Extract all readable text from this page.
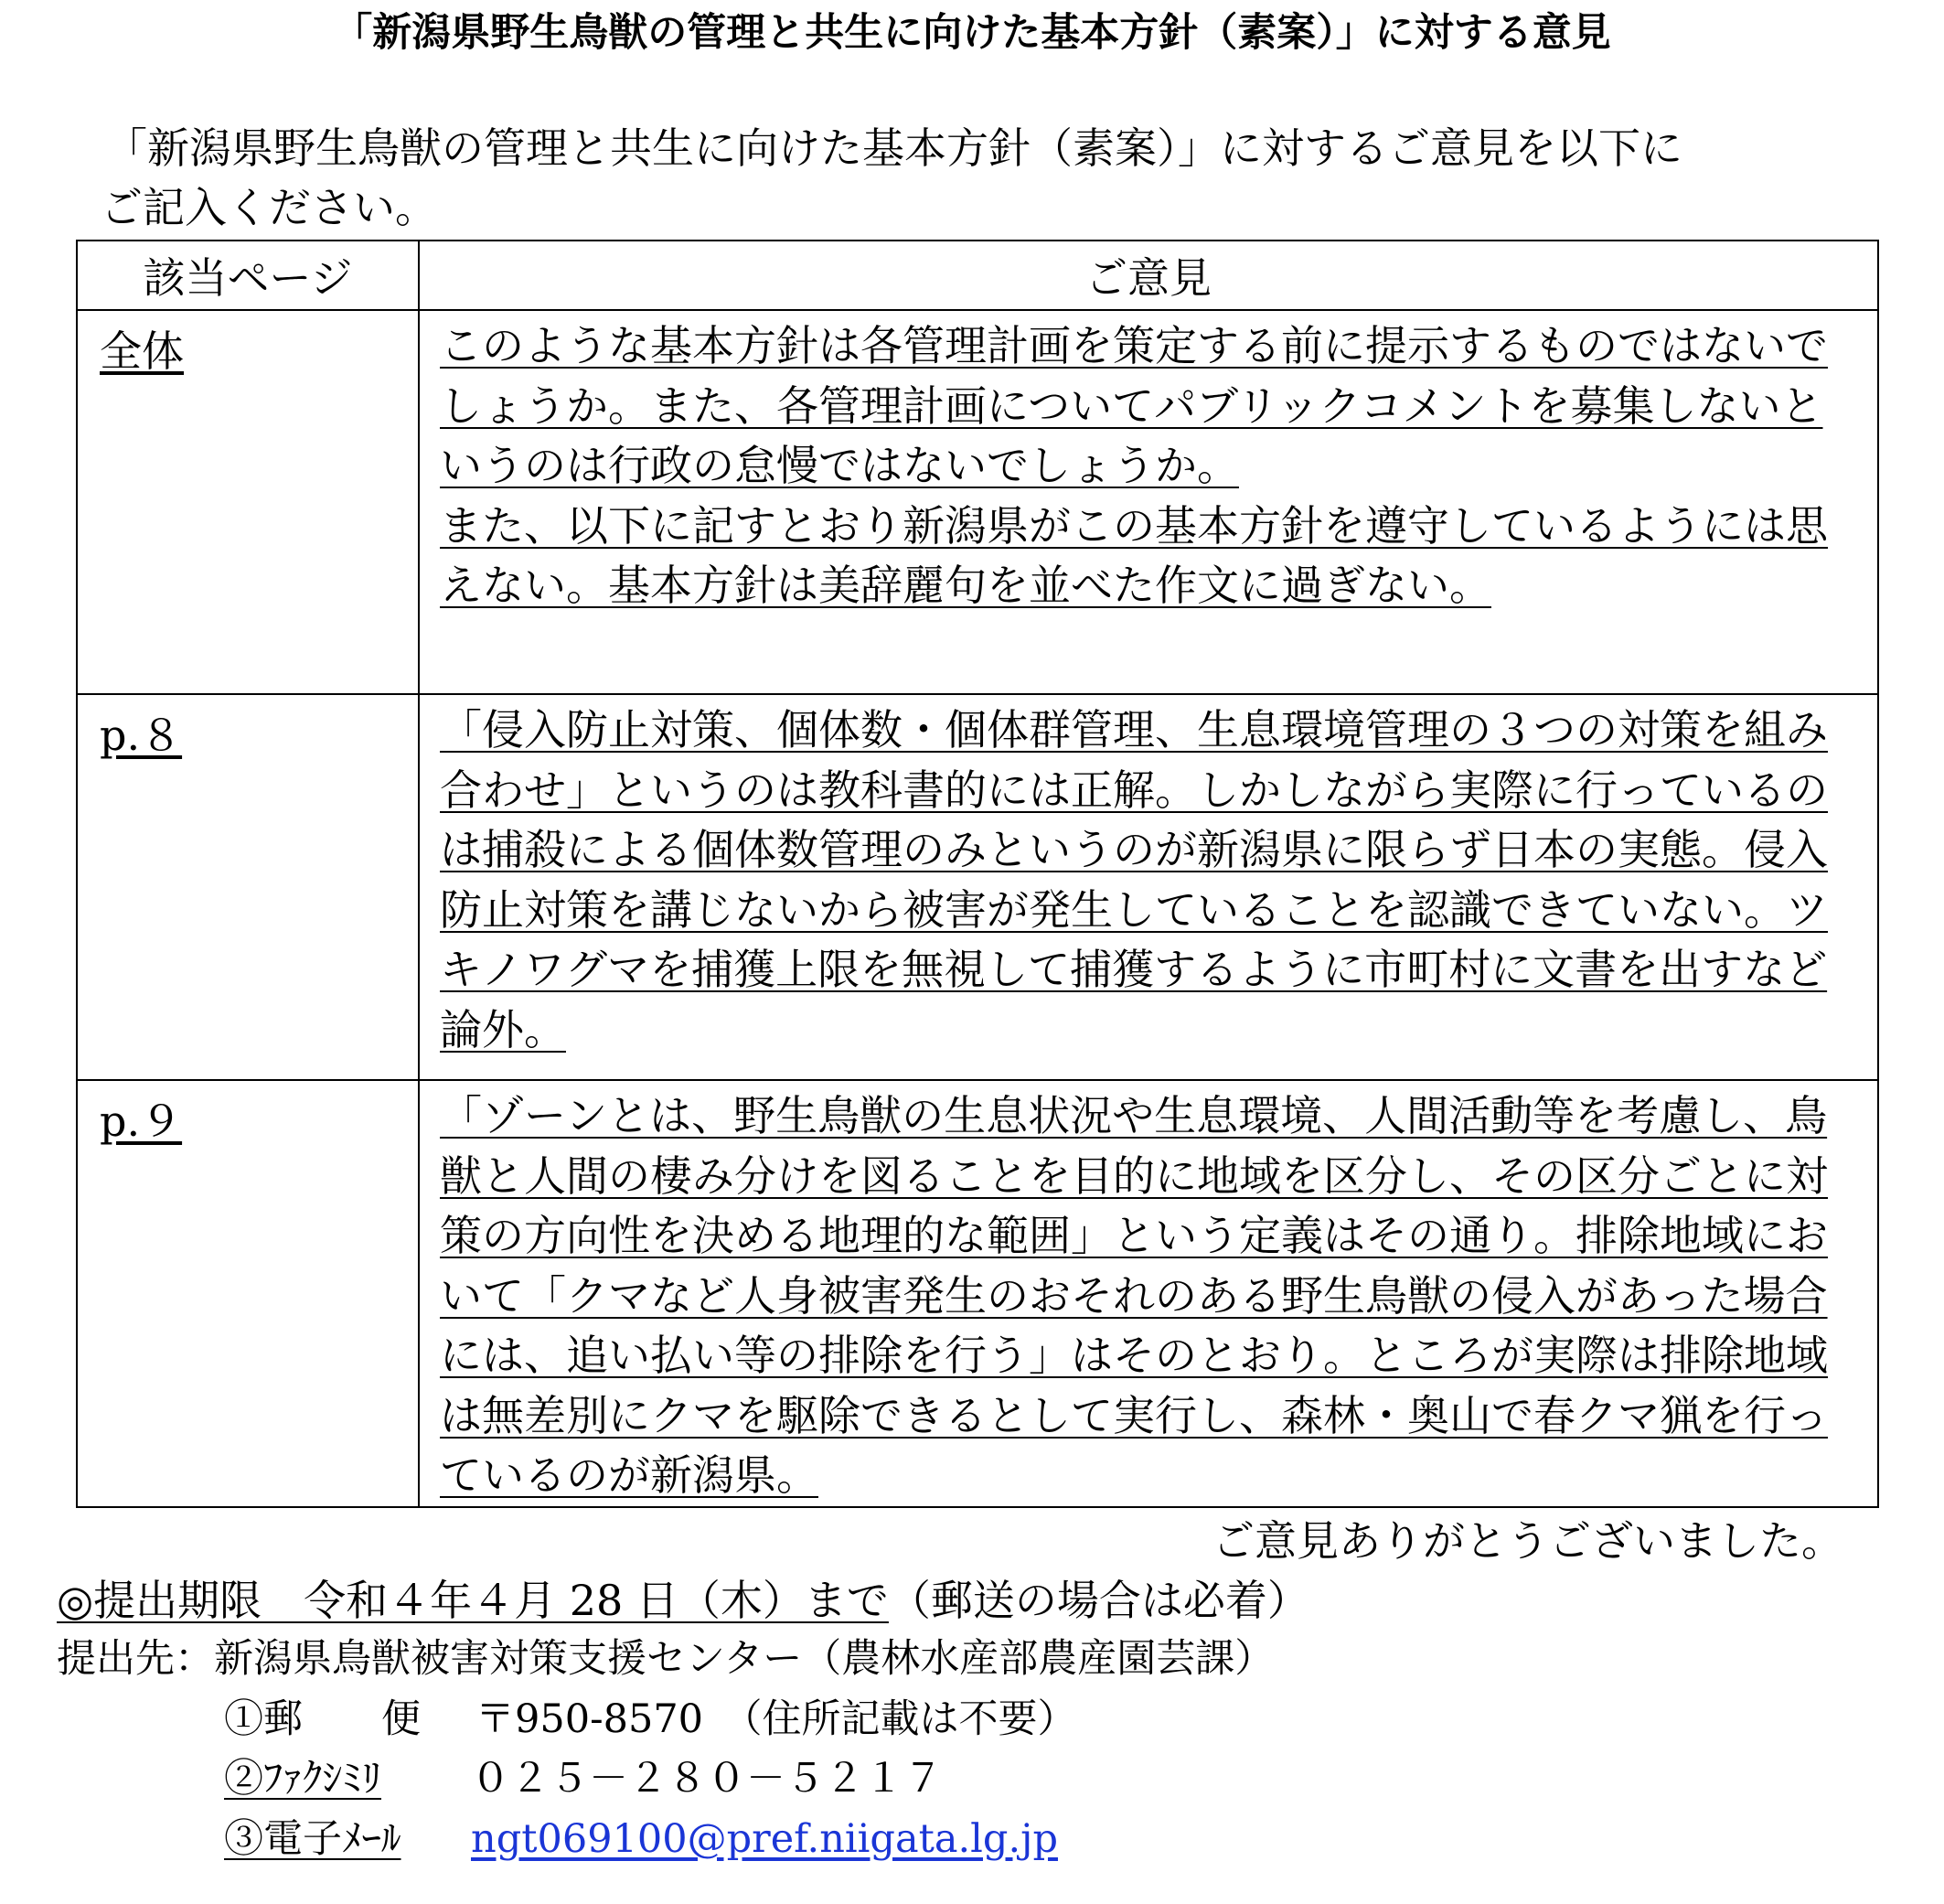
「新潟県野生鳥獣の管理と共生に向けた基本方針（素案）」に対する意見
「新潟県野生鳥獣の管理と共生に向けた基本方針（素案）」に対するご意見を以下に
ご記入ください。
該当ページ	ご意見
全体	このような基本方針は各管理計画を策定する前に提示するものではないでしょうか。また、各管理計画についてパブリックコメントを募集しないというのは行政の怠慢ではないでしょうか。
また、以下に記すとおり新潟県がこの基本方針を遵守しているようには思えない。基本方針は美辞麗句を並べた作文に過ぎない。

p.８	「侵入防止対策、個体数・個体群管理、生息環境管理の３つの対策を組み合わせ」というのは教科書的には正解。しかしながら実際に行っているのは捕殺による個体数管理のみというのが新潟県に限らず日本の実態。侵入防止対策を講じないから被害が発生していることを認識できていない。ツキノワグマを捕獲上限を無視して捕獲するように市町村に文書を出すなど論外。

p.９	「ゾーンとは、野生鳥獣の生息状況や生息環境、人間活動等を考慮し、鳥獣と人間の棲み分けを図ることを目的に地域を区分し、その区分ごとに対策の方向性を決める地理的な範囲」という定義はその通り。排除地域において「クマなど人身被害発生のおそれのある野生鳥獣の侵入があった場合には、追い払い等の排除を行う」はそのとおり。ところが実際は排除地域は無差別にクマを駆除できるとして実行し、森林・奥山で春クマ猟を行っているのが新潟県。
ご意見ありがとうございました。
◎提出期限　令和４年４月 28 日（木）まで（郵送の場合は必着）
提出先：新潟県鳥獣被害対策支援センター（農林水産部農産園芸課）
①郵　　便 〒950-8570　（住所記載は不要）
②ﾌｧｸｼﾐﾘ ０２５－２８０－５２１７
③電子ﾒｰﾙ ngt069100@pref.niigata.lg.jp
